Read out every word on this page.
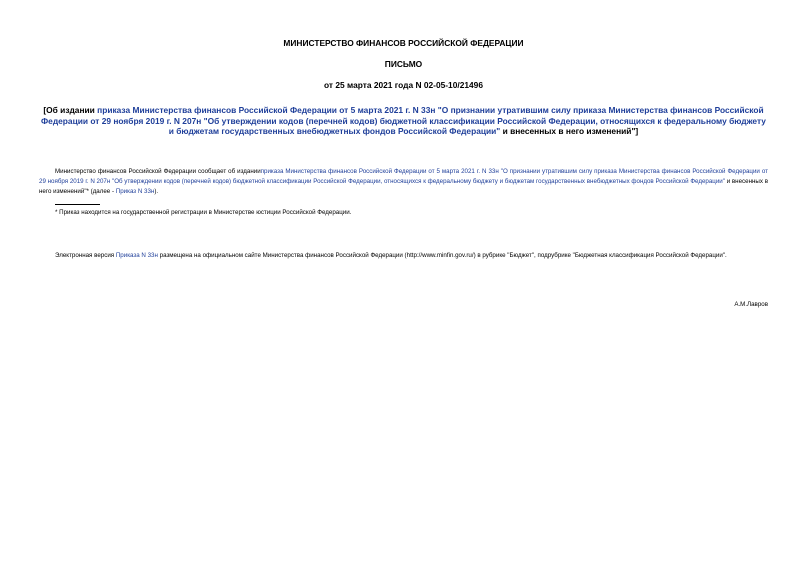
МИНИСТЕРСТВО ФИНАНСОВ РОССИЙСКОЙ ФЕДЕРАЦИИ
ПИСЬМО
от 25 марта 2021 года N 02-05-10/21496
[Об издании приказа Министерства финансов Российской Федерации от 5 марта 2021 г. N 33н "О признании утратившим силу приказа Министерства финансов Российской Федерации от 29 ноября 2019 г. N 207н "Об утверждении кодов (перечней кодов) бюджетной классификации Российской Федерации, относящихся к федеральному бюджету и бюджетам государственных внебюджетных фондов Российской Федерации" и внесенных в него изменений"]
Министерство финансов Российской Федерации сообщает об изданииприказа Министерства финансов Российской Федерации от 5 марта 2021 г. N 33н "О признании утратившим силу приказа Министерства финансов Российской Федерации от 29 ноября 2019 г. N 207н "Об утверждении кодов (перечней кодов) бюджетной классификации Российской Федерации, относящихся к федеральному бюджету и бюджетам государственных внебюджетных фондов Российской Федерации" и внесенных в него изменений"* (далее - Приказ N 33н).
* Приказ находится на государственной регистрации в Министерстве юстиции Российской Федерации.
Электронная версия Приказа N 33н размещена на официальном сайте Министерства финансов Российской Федерации (http://www.minfin.gov.ru/) в рубрике "Бюджет", подрубрике "Бюджетная классификация Российской Федерации".
А.М.Лавров
